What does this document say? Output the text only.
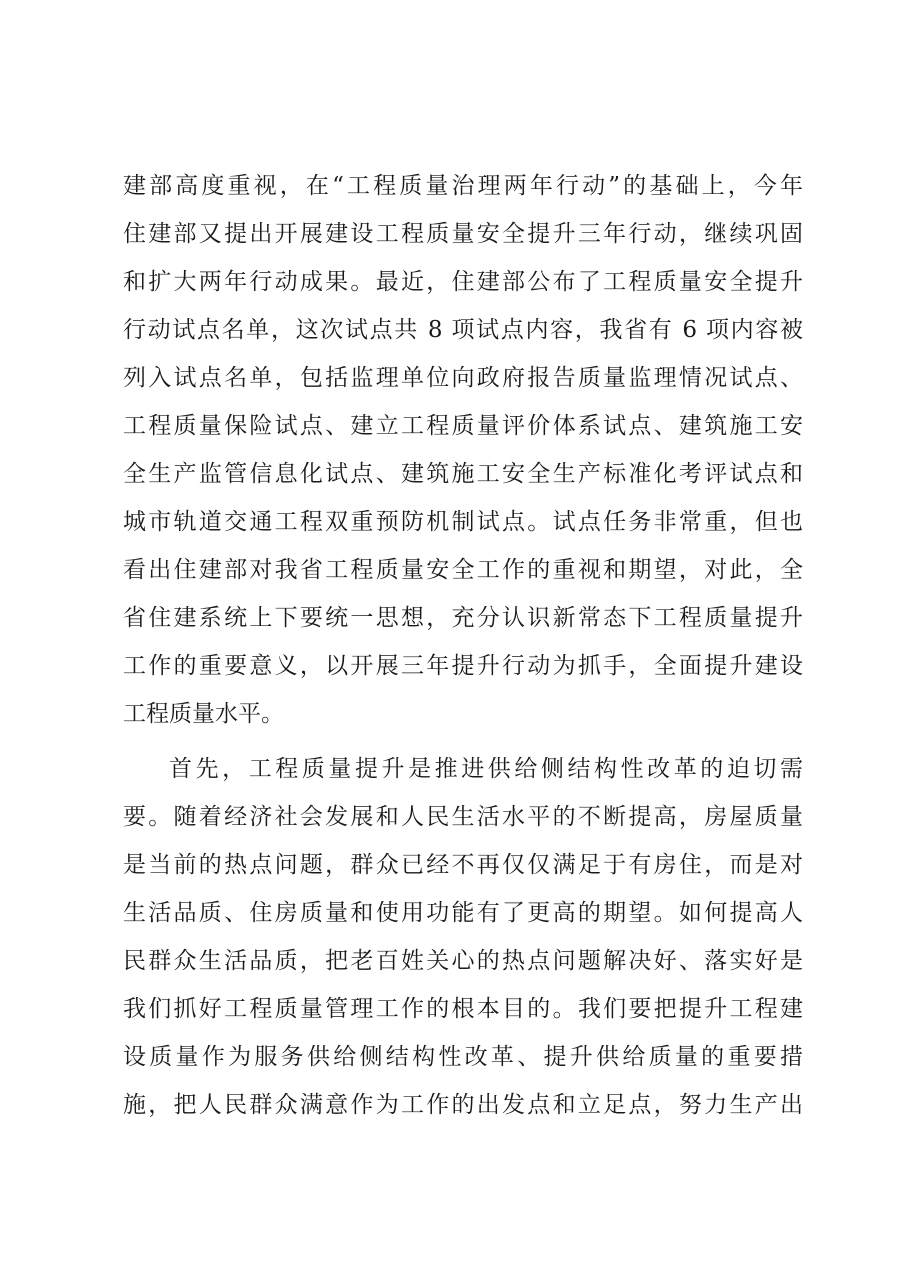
建部高度重视，在“工程质量治理两年行动”的基础上，今年
住建部又提出开展建设工程质量安全提升三年行动，继续巩固
和扩大两年行动成果。最近，住建部公布了工程质量安全提升
行动试点名单，这次试点共 8 项试点内容，我省有 6 项内容被
列入试点名单，包括监理单位向政府报告质量监理情况试点、
工程质量保险试点、建立工程质量评价体系试点、建筑施工安
全生产监管信息化试点、建筑施工安全生产标准化考评试点和
城市轨道交通工程双重预防机制试点。试点任务非常重，但也
看出住建部对我省工程质量安全工作的重视和期望，对此，全
省住建系统上下要统一思想，充分认识新常态下工程质量提升
工作的重要意义，以开展三年提升行动为抓手，全面提升建设
工程质量水平。
首先，工程质量提升是推进供给侧结构性改革的迫切需
要。随着经济社会发展和人民生活水平的不断提高，房屋质量
是当前的热点问题，群众已经不再仅仅满足于有房住，而是对
生活品质、住房质量和使用功能有了更高的期望。如何提高人
民群众生活品质，把老百姓关心的热点问题解决好、落实好是
我们抓好工程质量管理工作的根本目的。我们要把提升工程建
设质量作为服务供给侧结构性改革、提升供给质量的重要措
施，把人民群众满意作为工作的出发点和立足点，努力生产出
